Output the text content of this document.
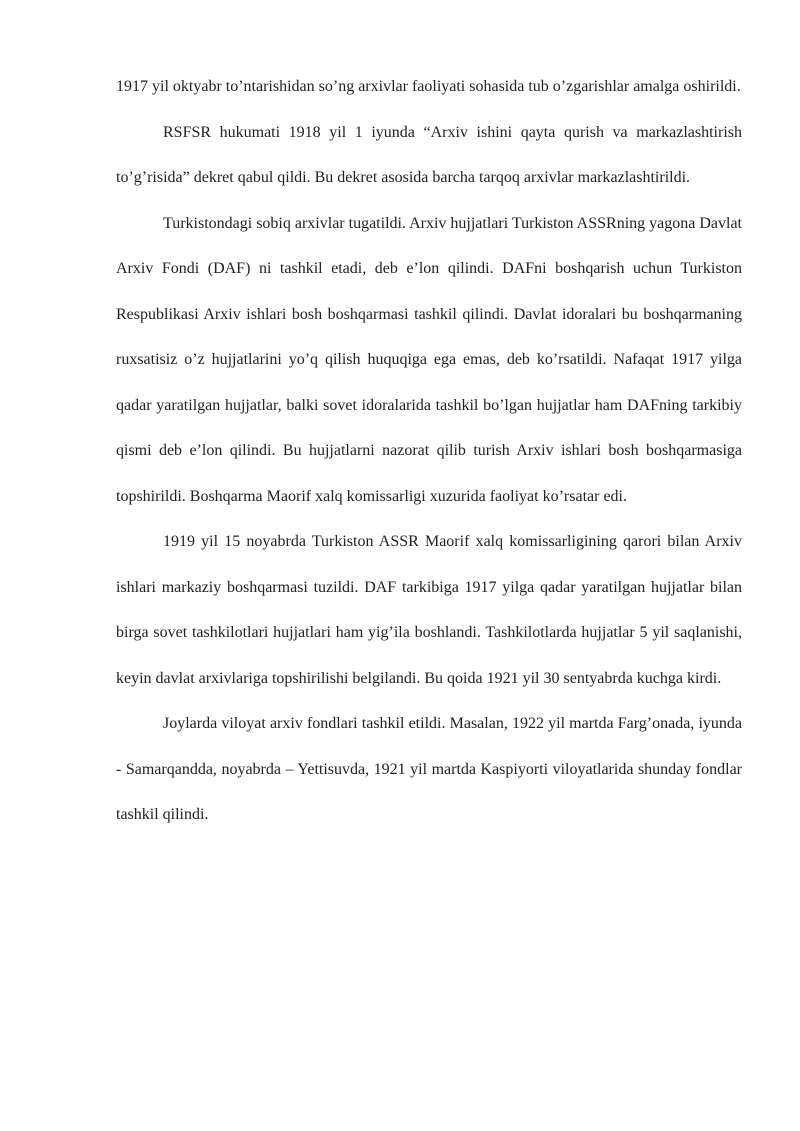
1917 yil oktyabr to’ntarishidan so’ng arxivlar faoliyati sohasida tub o’zgarishlar amalga oshirildi.

RSFSR hukumati 1918 yil 1 iyunda “Arxiv ishini qayta qurish va markazlashtirish to’g’risida” dekret qabul qildi. Bu dekret asosida barcha tarqoq arxivlar markazlashtirildi.

Turkistondagi sobiq arxivlar tugatildi. Arxiv hujjatlari Turkiston ASSRning yagona Davlat Arxiv Fondi (DAF) ni tashkil etadi, deb e’lon qilindi. DAFni boshqarish uchun Turkiston Respublikasi Arxiv ishlari bosh boshqarmasi tashkil qilindi. Davlat idoralari bu boshqarmaning ruxsatisiz o’z hujjatlarini yo’q qilish huquqiga ega emas, deb ko’rsatildi. Nafaqat 1917 yilga qadar yaratilgan hujjatlar, balki sovet idoralarida tashkil bo’lgan hujjatlar ham DAFning tarkibiy qismi deb e’lon qilindi. Bu hujjatlarni nazorat qilib turish Arxiv ishlari bosh boshqarmasiga topshirildi. Boshqarma Maorif xalq komissarligi xuzurida faoliyat ko’rsatar edi.

1919 yil 15 noyabrda Turkiston ASSR Maorif xalq komissarligining qarori bilan Arxiv ishlari markaziy boshqarmasi tuzildi. DAF tarkibiga 1917 yilga qadar yaratilgan hujjatlar bilan birga sovet tashkilotlari hujjatlari ham yig’ila boshlandi. Tashkilotlarda hujjatlar 5 yil saqlanishi, keyin davlat arxivlariga topshirilishi belgilandi. Bu qoida 1921 yil 30 sentyabrda kuchga kirdi.

Joylarda viloyat arxiv fondlari tashkil etildi. Masalan, 1922 yil martda Farg’onada, iyunda - Samarqandda, noyabrda – Yettisuvda, 1921 yil martda Kaspiyorti viloyatlarida shunday fondlar tashkil qilindi.
